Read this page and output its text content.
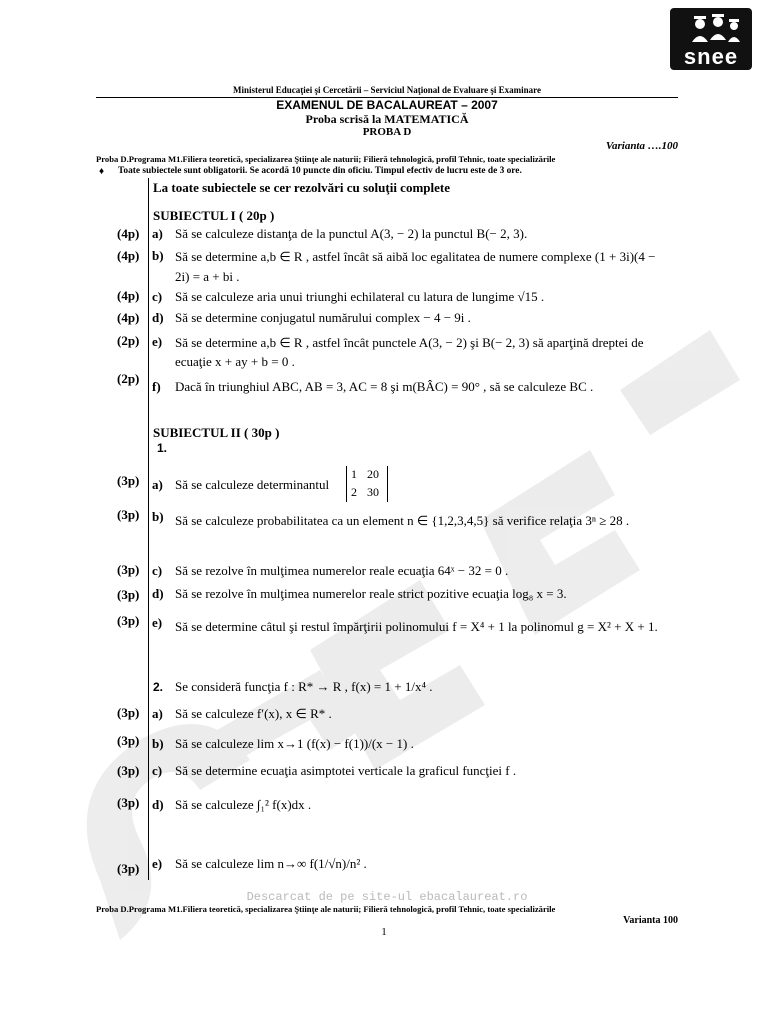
snee
Ministerul Educaţiei şi Cercetării – Serviciul Naţional de Evaluare şi Examinare
EXAMENUL DE BACALAUREAT – 2007
Proba scrisă la MATEMATICĂ
PROBA D
Varianta ….100
Proba D.Programa M1.Filiera teoretică, specializarea Ştiinţe ale naturii; Filieră tehnologică, profil Tehnic, toate specializările
♦ Toate subiectele sunt obligatorii. Se acordă 10 puncte din oficiu. Timpul efectiv de lucru este de 3 ore.
La toate subiectele se cer rezolvări cu soluţii complete
SUBIECTUL I ( 20p )
(4p) a) Să se calculeze distanţa de la punctul A(3, − 2) la punctul B(− 2, 3).
(4p) b) Să se determine a,b ∈ R , astfel încât să aibă loc egalitatea de numere complexe (1 + 3i)(4 − 2i) = a + bi .
(4p) c) Să se calculeze aria unui triunghi echilateral cu latura de lungime √15 .
(4p) d) Să se determine conjugatul numărului complex − 4 − 9i .
(2p) e) Să se determine a,b ∈ R , astfel încât punctele A(3, − 2) şi B(− 2, 3) să aparţină dreptei de ecuaţie x + ay + b = 0 .
(2p)
f) Dacă în triunghiul ABC, AB = 3, AC = 8 şi m(BÂC) = 90° , să se calculeze BC .
SUBIECTUL II ( 30p )
1.
(3p) a) Să se calculeze determinantul
1 20
2 30
(3p) b) Să se calculeze probabilitatea ca un element n ∈ {1,2,3,4,5} să verifice relaţia 3ⁿ ≥ 28 .
(3p) c) Să se rezolve în mulţimea numerelor reale ecuaţia 64ˣ − 32 = 0 .
(3p) d) Să se rezolve în mulţimea numerelor reale strict pozitive ecuaţia log₈ x = 3.
(3p) e) Să se determine câtul şi restul împărţirii polinomului f = X⁴ + 1 la polinomul g = X² + X + 1.
2. Se consideră funcţia f : R* → R , f(x) = 1 + 1/x⁴ .
(3p) a) Să se calculeze f′(x), x ∈ R* .
(3p) b) Să se calculeze lim x→1 (f(x) − f(1))/(x − 1) .
(3p) c) Să se determine ecuaţia asimptotei verticale la graficul funcţiei f .
(3p) d) Să se calculeze ∫₁² f(x)dx .
(3p) e) Să se calculeze lim n→∞ f(1/√n)/n² .
Descarcat de pe site-ul ebacalaureat.ro
Proba D.Programa M1.Filiera teoretică, specializarea Ştiinţe ale naturii; Filieră tehnologică, profil Tehnic, toate specializările
Varianta 100
1
